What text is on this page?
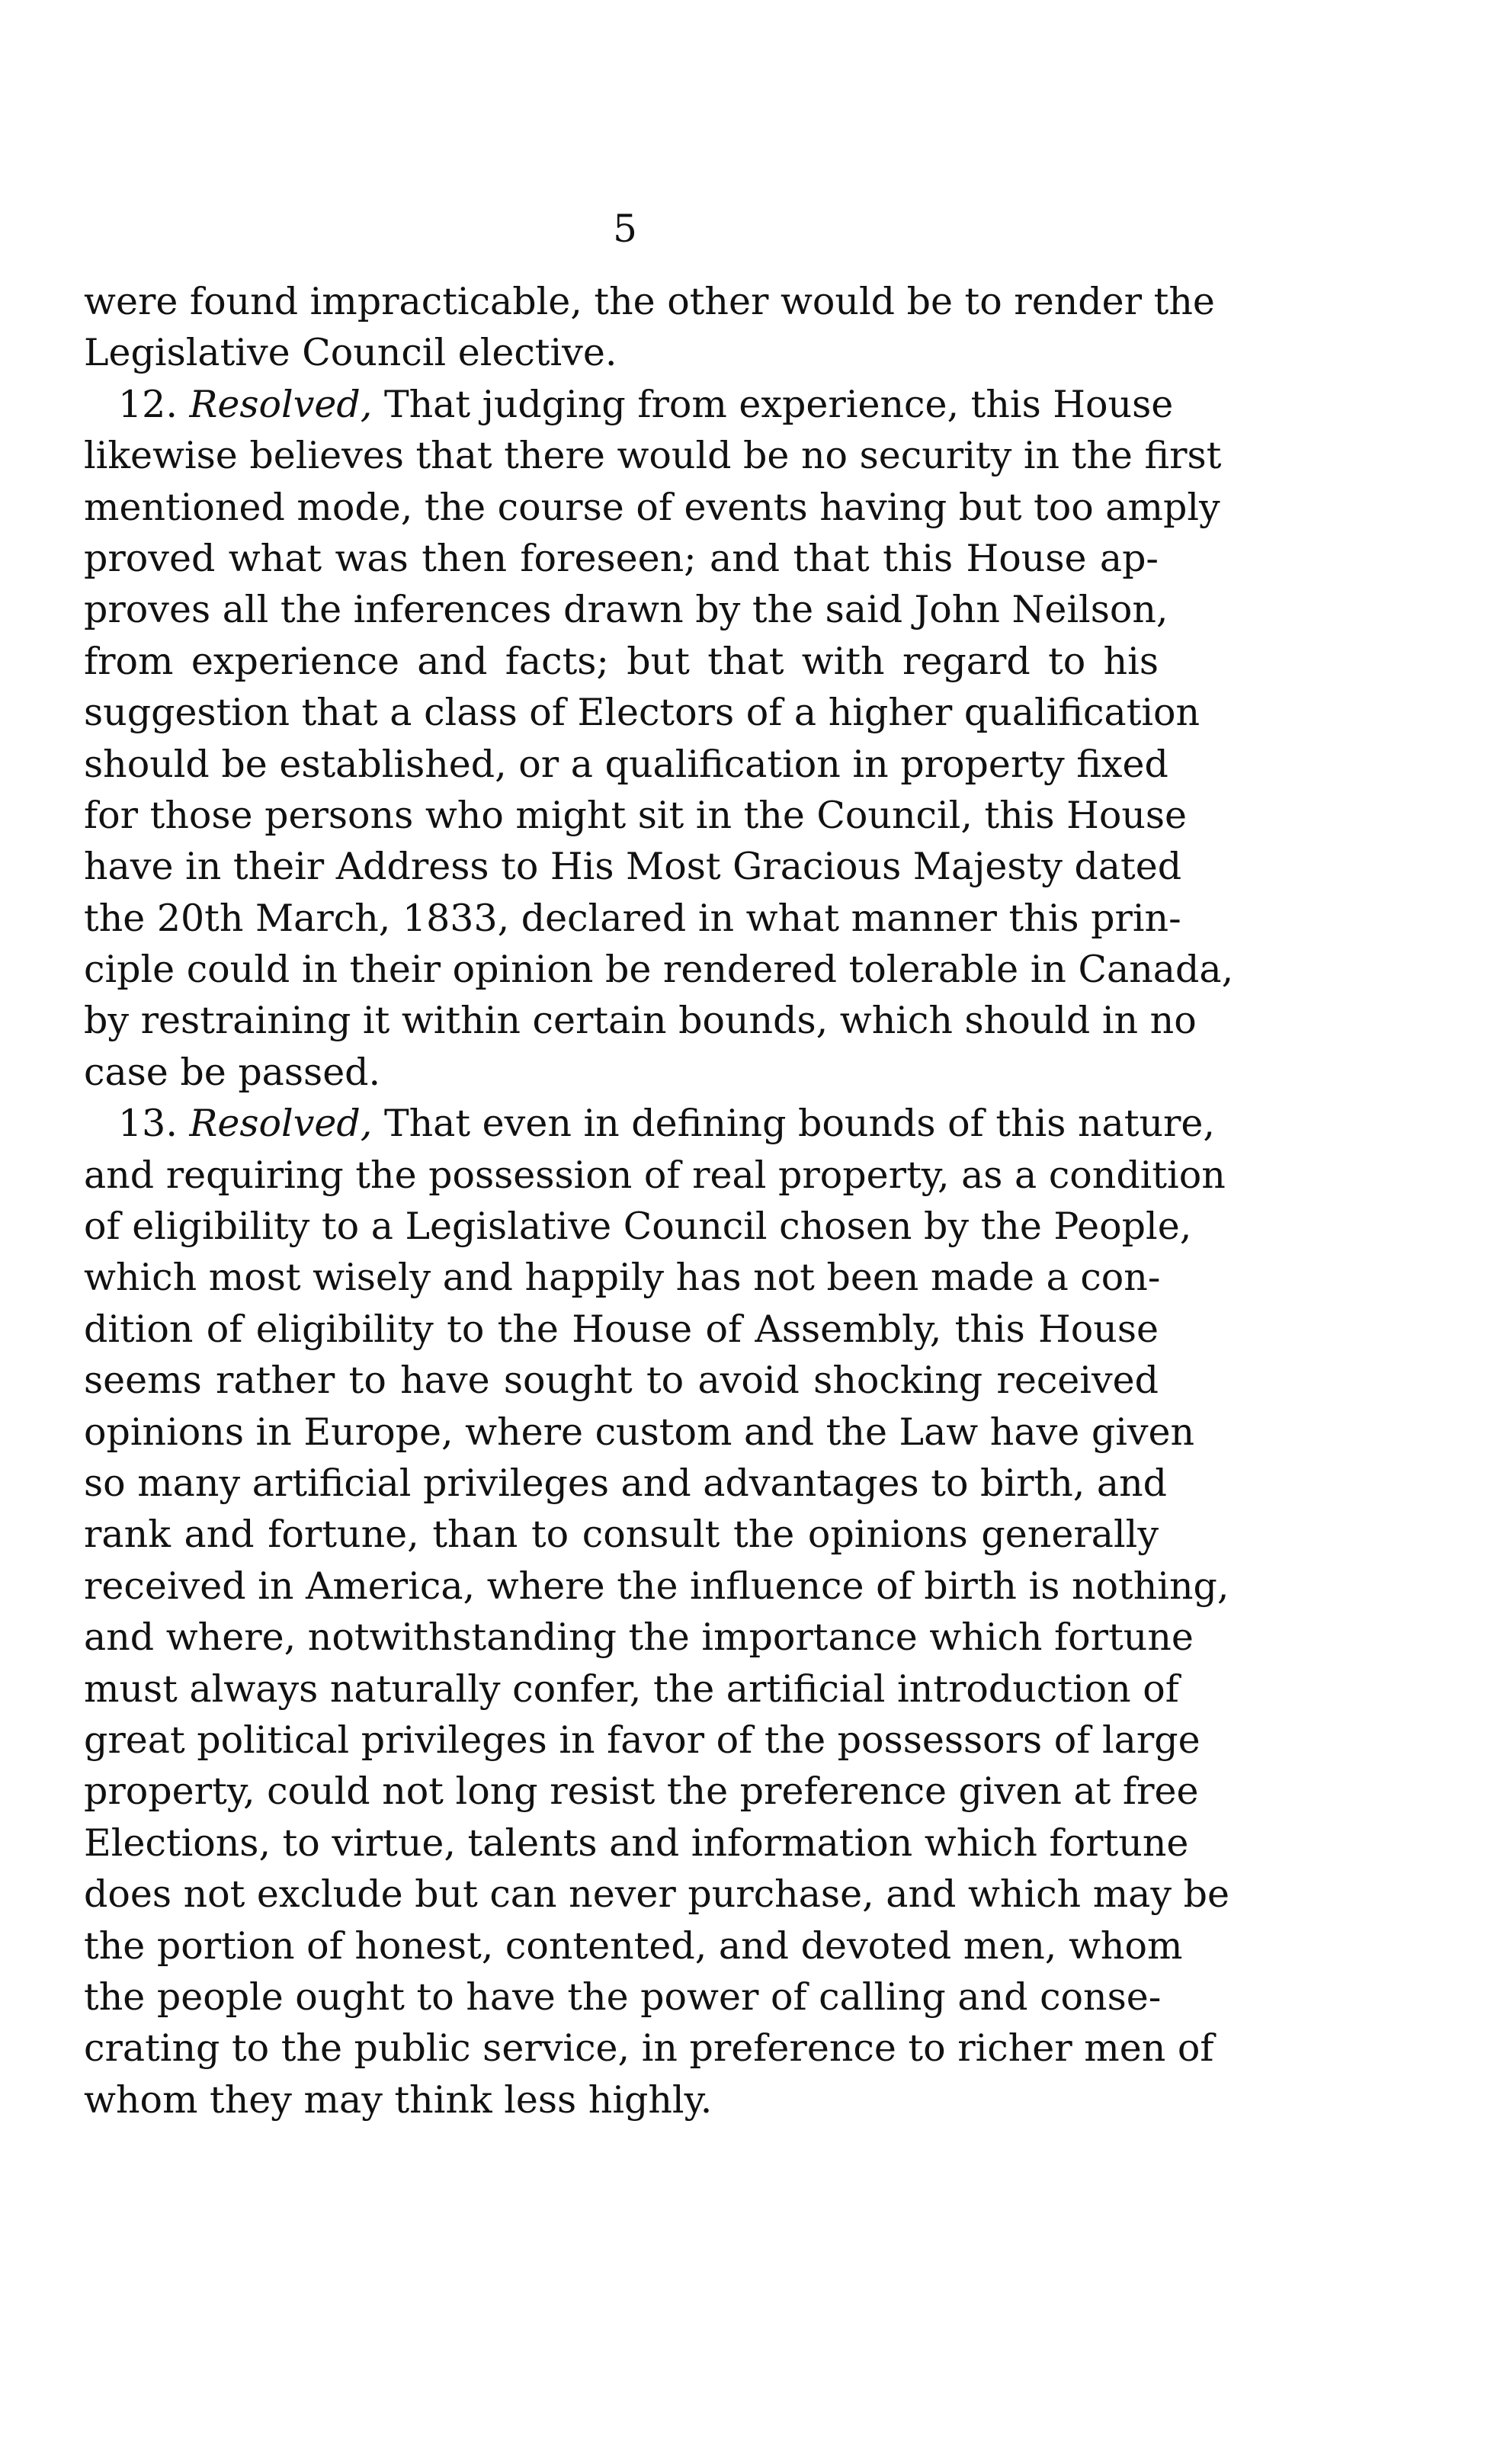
5
were found impracticable, the other would be to render the
Legislative Council elective.
12. Resolved, That judging from experience, this House
likewise believes that there would be no security in the first
mentioned mode, the course of events having but too amply
proved what was then foreseen; and that this House ap-
proves all the inferences drawn by the said John Neilson,
from experience and facts; but that with regard to his
suggestion that a class of Electors of a higher qualification
should be established, or a qualification in property fixed
for those persons who might sit in the Council, this House
have in their Address to His Most Gracious Majesty dated
the 20th March, 1833, declared in what manner this prin-
ciple could in their opinion be rendered tolerable in Canada,
by restraining it within certain bounds, which should in no
case be passed.
13. Resolved, That even in defining bounds of this nature,
and requiring the possession of real property, as a condition
of eligibility to a Legislative Council chosen by the People,
which most wisely and happily has not been made a con-
dition of eligibility to the House of Assembly, this House
seems rather to have sought to avoid shocking received
opinions in Europe, where custom and the Law have given
so many artificial privileges and advantages to birth, and
rank and fortune, than to consult the opinions generally
received in America, where the influence of birth is nothing,
and where, notwithstanding the importance which fortune
must always naturally confer, the artificial introduction of
great political privileges in favor of the possessors of large
property, could not long resist the preference given at free
Elections, to virtue, talents and information which fortune
does not exclude but can never purchase, and which may be
the portion of honest, contented, and devoted men, whom
the people ought to have the power of calling and conse-
crating to the public service, in preference to richer men of
whom they may think less highly.
